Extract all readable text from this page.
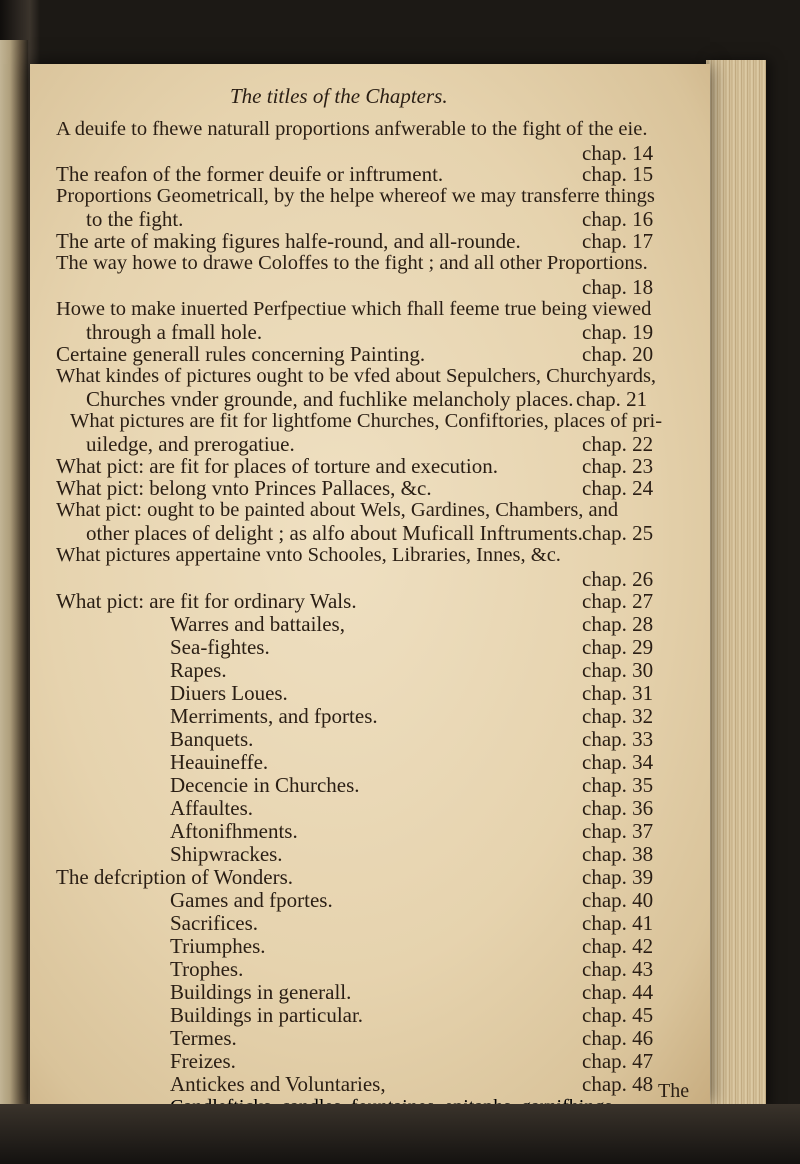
The titles of the Chapters.
A deuife to fhewe naturall proportions anfwerable to the fight of the eie.
chap. 14
The reafon of the former deuife or inftrument.	chap. 15
Proportions Geometricall, by the helpe whereof we may transferre things
to the fight.	chap. 16
The arte of making figures halfe-round, and all-rounde.	chap. 17
The way howe to drawe Coloffes to the fight ; and all other Proportions.
chap. 18
Howe to make inuerted Perfpectiue which fhall feeme true being viewed
through a fmall hole.	chap. 19
Certaine generall rules concerning Painting.	chap. 20
What kindes of pictures ought to be vfed about Sepulchers, Churchyards,
Churches vnder grounde, and fuchlike melancholy places. chap. 21
What pictures are fit for lightfome Churches, Confiftories, places of pri-
uiledge, and prerogatiue.	chap. 22
What pict: are fit for places of torture and execution.	chap. 23
What pict: belong vnto Princes Pallaces, &c.	chap. 24
What pict: ought to be painted about Wels, Gardines, Chambers, and
other places of delight ; as alfo about Muficall Inftruments. chap. 25
What pictures appertaine vnto Schooles, Libraries, Innes, &c.
chap. 26
What pict: are fit for ordinary Wals.	chap. 27
Warres and battailes,	chap. 28
Sea-fightes.	chap. 29
Rapes.	chap. 30
Diuers Loues.	chap. 31
Merriments, and fportes.	chap. 32
Banquets.	chap. 33
Heauineffe.	chap. 34
Decencie in Churches.	chap. 35
Affaultes.	chap. 36
Aftonifhments.	chap. 37
Shipwrackes.	chap. 38
The defcription of Wonders.	chap. 39
Games and fportes.	chap. 40
Sacrifices.	chap. 41
Triumphes.	chap. 42
Trophes.	chap. 43
Buildings in generall.	chap. 44
Buildings in particular.	chap. 45
Termes.	chap. 46
Freizes.	chap. 47
Antickes and Voluntaries,	chap. 48 The
